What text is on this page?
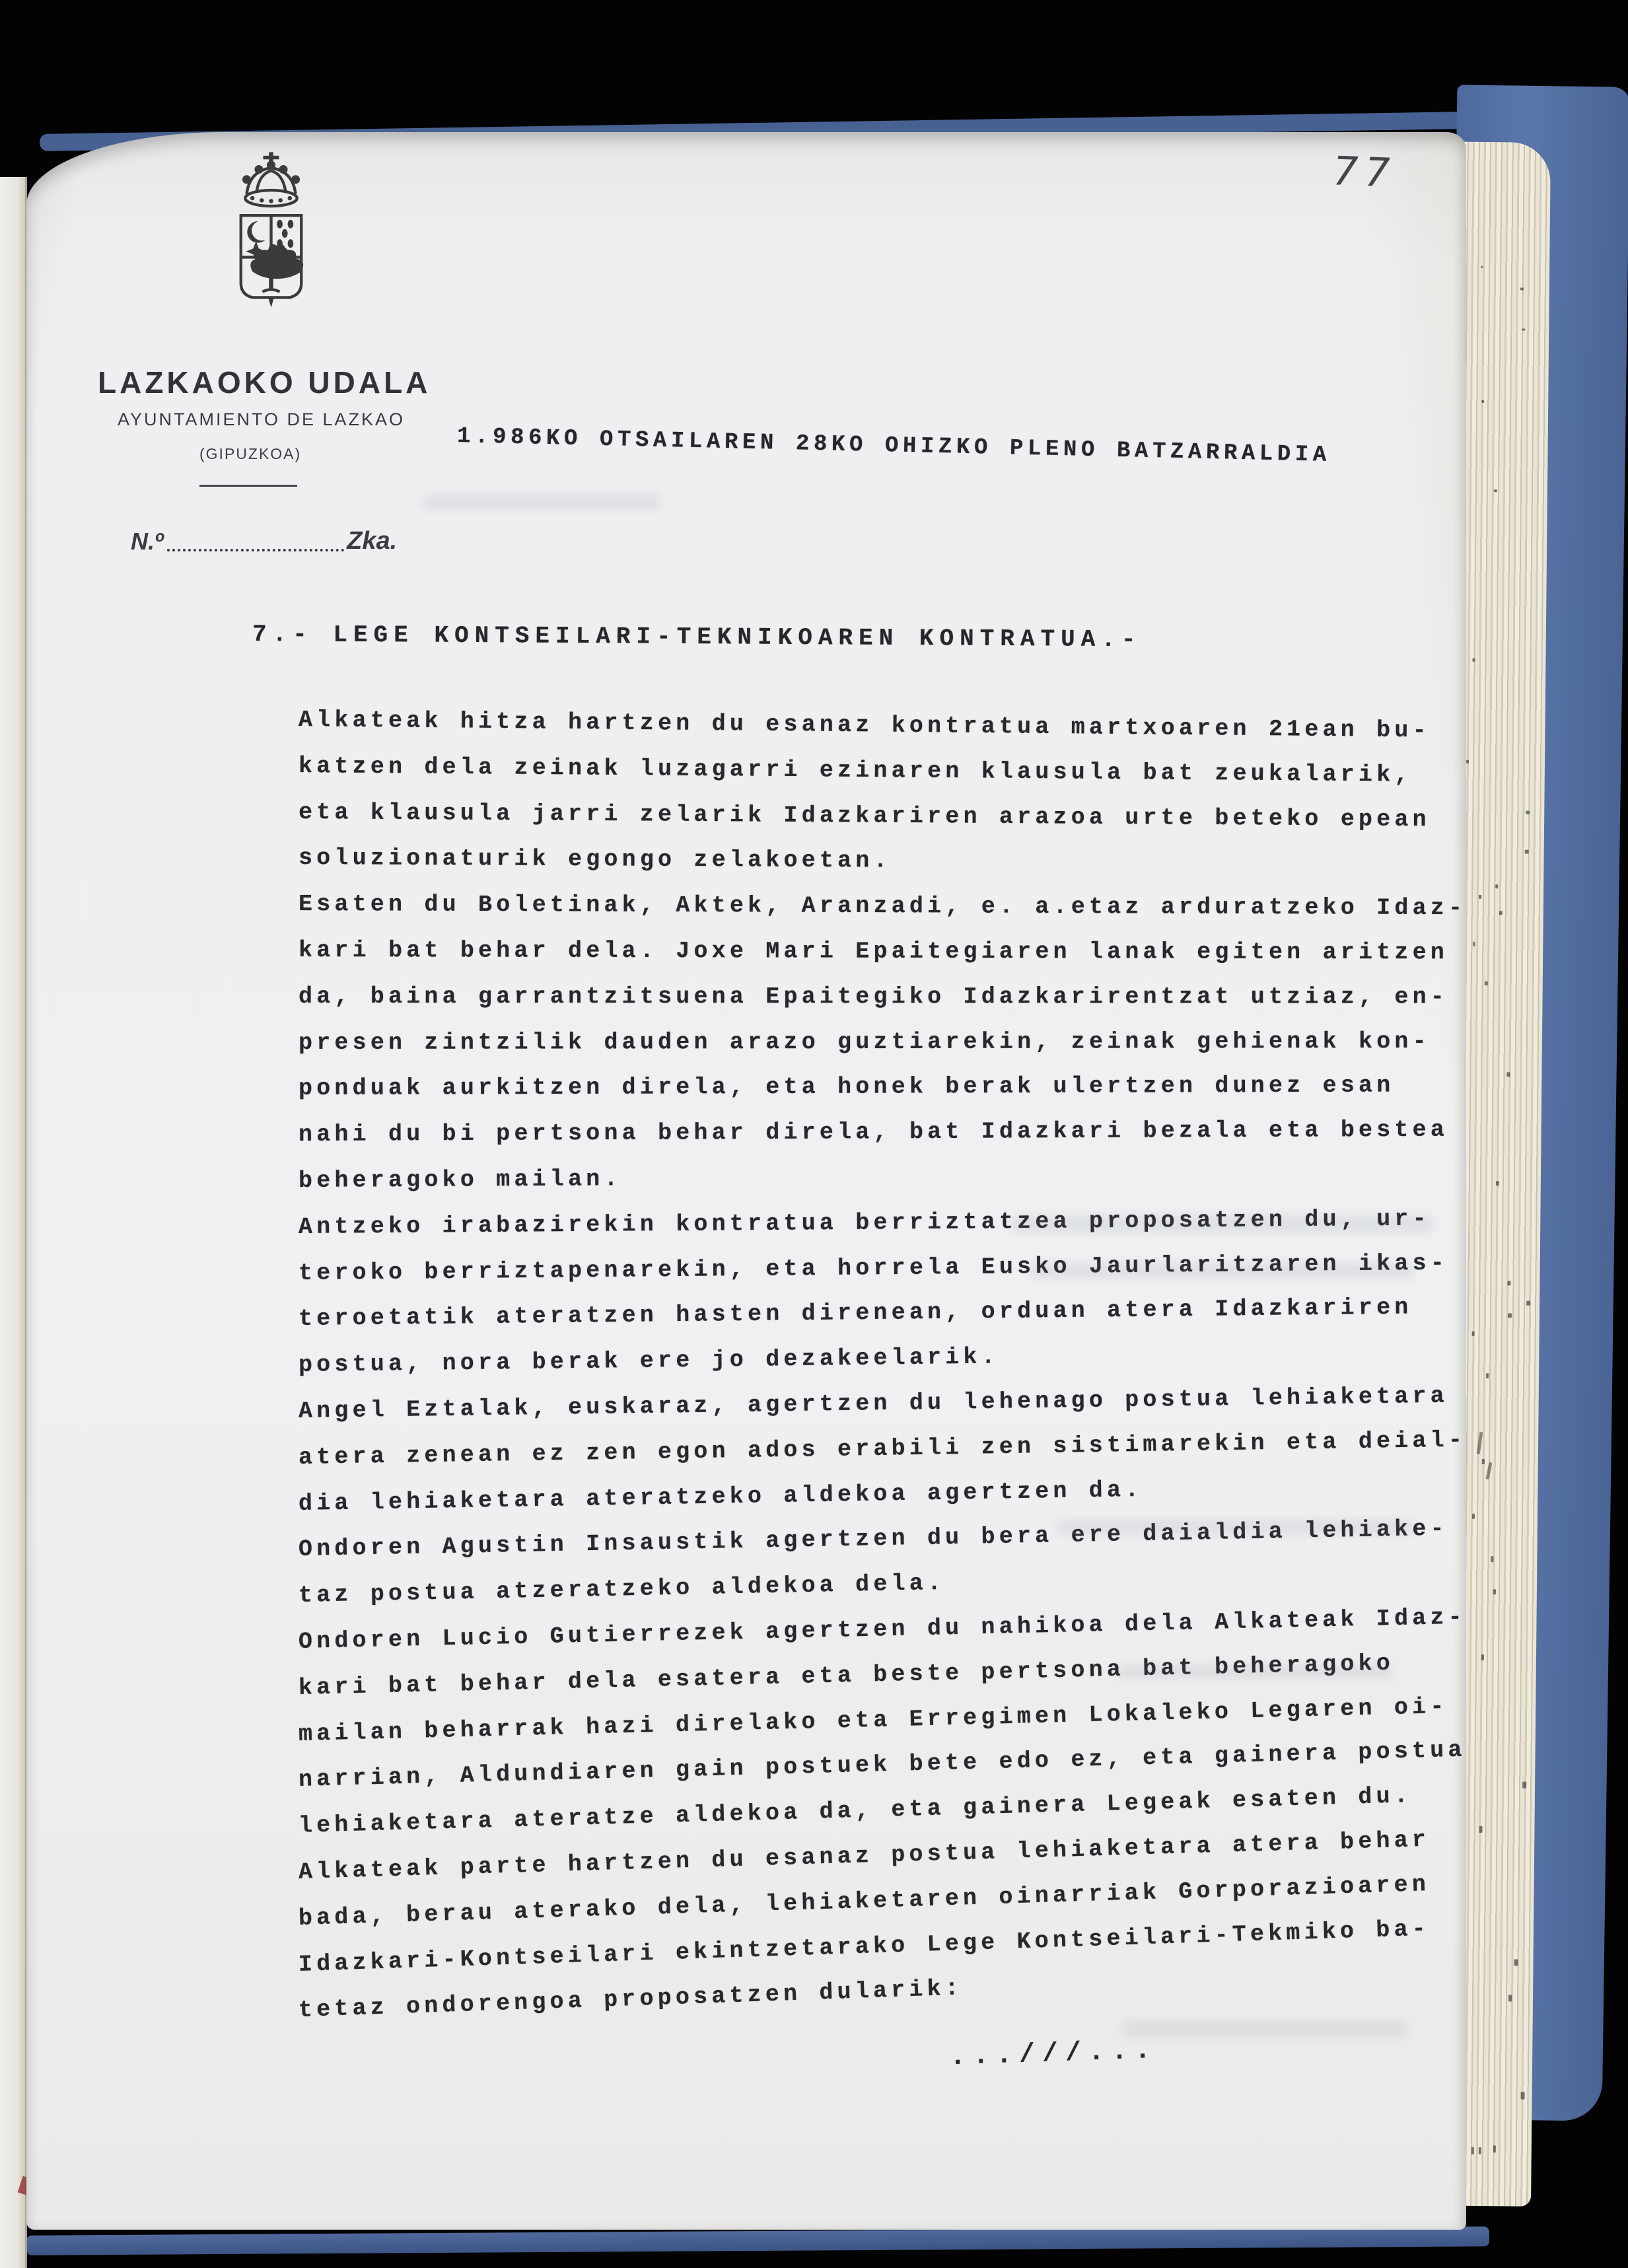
LAZKAOKO UDALA
AYUNTAMIENTO DE LAZKAO
(GIPUZKOA)
77
1.986KO OTSAILAREN 28KO OHIZKO PLENO BATZARRALDIA
N.º	Zka.
7.- LEGE KONTSEILARI-TEKNIKOAREN KONTRATUA.-
Alkateak hitza hartzen du esanaz kontratua martxoaren 21ean bu-
katzen dela zeinak luzagarri ezinaren klausula bat zeukalarik,
eta klausula jarri zelarik Idazkariren arazoa urte beteko epean
soluzionaturik egongo zelakoetan.
Esaten du Boletinak, Aktek, Aranzadi, e. a.etaz arduratzeko Idaz-
kari bat behar dela. Joxe Mari Epaitegiaren lanak egiten aritzen
da, baina garrantzitsuena Epaitegiko Idazkarirentzat utziaz, en-
presen zintzilik dauden arazo guztiarekin, zeinak gehienak kon-
ponduak aurkitzen direla, eta honek berak ulertzen dunez esan
nahi du bi pertsona behar direla, bat Idazkari bezala eta bestea
beheragoko mailan.
Antzeko irabazirekin kontratua berriztatzea proposatzen du, ur-
teroko berriztapenarekin, eta horrela Eusko Jaurlaritzaren ikas-
teroetatik ateratzen hasten direnean, orduan atera Idazkariren
postua, nora berak ere jo dezakeelarik.
Angel Eztalak, euskaraz, agertzen du lehenago postua lehiaketara
atera zenean ez zen egon ados erabili zen sistimarekin eta deial-
dia lehiaketara ateratzeko aldekoa agertzen da.
Ondoren Agustin Insaustik agertzen du bera ere daialdia lehiake-
taz postua atzeratzeko aldekoa dela.
Ondoren Lucio Gutierrezek agertzen du nahikoa dela Alkateak Idaz-
kari bat behar dela esatera eta beste pertsona bat beheragoko
mailan beharrak hazi direlako eta Erregimen Lokaleko Legaren oi-
narrian, Aldundiaren gain postuek bete edo ez, eta gainera postua
lehiaketara ateratze aldekoa da, eta gainera Legeak esaten du.
Alkateak parte hartzen du esanaz postua lehiaketara atera behar
bada, berau aterako dela, lehiaketaren oinarriak Gorporazioaren
Idazkari-Kontseilari ekintzetarako Lege Kontseilari-Tekmiko ba-
tetaz ondorengoa proposatzen dularik:
...///...
